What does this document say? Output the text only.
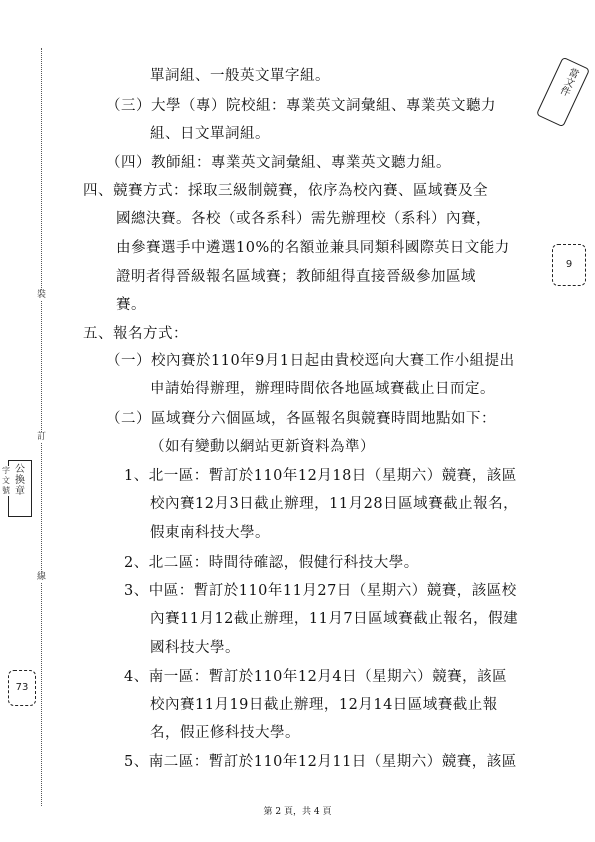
裝
訂
線
當文件
9
公
換
章
字文號
73
單詞組、一般英文單字組。
（三）大學（專）院校組：專業英文詞彙組、專業英文聽力
組、日文單詞組。
（四）教師組：專業英文詞彙組、專業英文聽力組。
四、競賽方式：採取三級制競賽，依序為校內賽、區域賽及全
國總決賽。各校（或各系科）需先辦理校（系科）內賽，
由參賽選手中遴選10%的名額並兼具同類科國際英日文能力
證明者得晉級報名區域賽；教師組得直接晉級參加區域
賽。
五、報名方式：
（一）校內賽於110年9月1日起由貴校逕向大賽工作小組提出
申請始得辦理，辦理時間依各地區域賽截止日而定。
（二）區域賽分六個區域，各區報名與競賽時間地點如下：
（如有變動以網站更新資料為準）
1、北一區：暫訂於110年12月18日（星期六）競賽，該區
校內賽12月3日截止辦理，11月28日區域賽截止報名，
假東南科技大學。
2、北二區：時間待確認，假健行科技大學。
3、中區：暫訂於110年11月27日（星期六）競賽，該區校
內賽11月12截止辦理，11月7日區域賽截止報名，假建
國科技大學。
4、南一區：暫訂於110年12月4日（星期六）競賽，該區
校內賽11月19日截止辦理，12月14日區域賽截止報
名，假正修科技大學。
5、南二區：暫訂於110年12月11日（星期六）競賽，該區
第 2 頁，共 4 頁
